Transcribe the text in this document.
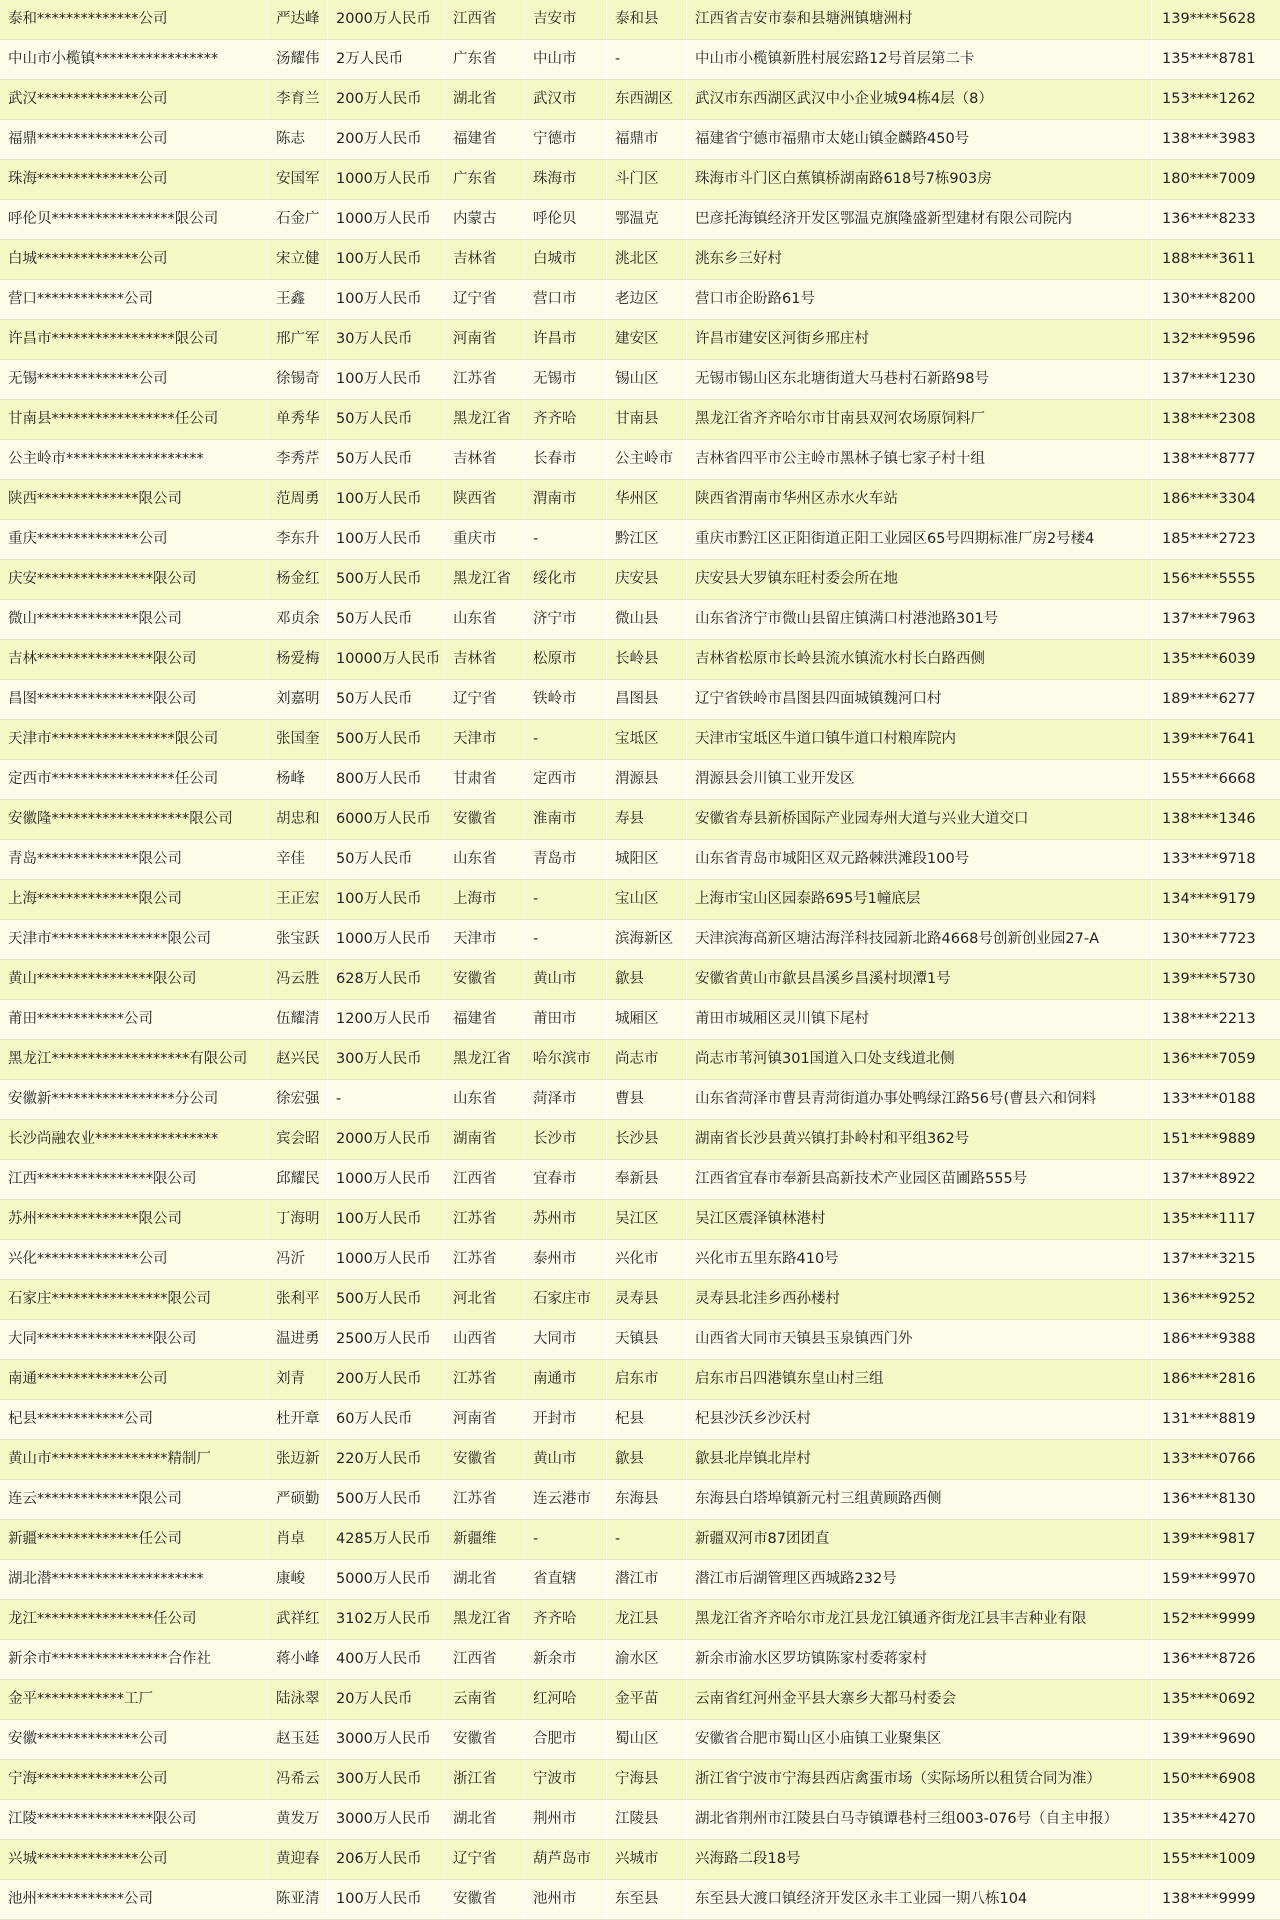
泰和**************公司	严达峰	2000万人民币	江西省	吉安市	泰和县	江西省吉安市泰和县塘洲镇塘洲村	139****5628
中山市小榄镇*****************	汤耀伟	2万人民币	广东省	中山市	-	中山市小榄镇新胜村展宏路12号首层第二卡	135****8781
武汉**************公司	李育兰	200万人民币	湖北省	武汉市	东西湖区	武汉市东西湖区武汉中小企业城94栋4层（8）	153****1262
福鼎**************公司	陈志	200万人民币	福建省	宁德市	福鼎市	福建省宁德市福鼎市太姥山镇金麟路450号	138****3983
珠海**************公司	安国军	1000万人民币	广东省	珠海市	斗门区	珠海市斗门区白蕉镇桥湖南路618号7栋903房	180****7009
呼伦贝*****************限公司	石金广	1000万人民币	内蒙古	呼伦贝	鄂温克	巴彦托海镇经济开发区鄂温克旗隆盛新型建材有限公司院内	136****8233
白城**************公司	宋立健	100万人民币	吉林省	白城市	洮北区	洮东乡三好村	188****3611
营口************公司	王鑫	100万人民币	辽宁省	营口市	老边区	营口市企盼路61号	130****8200
许昌市*****************限公司	邢广军	30万人民币	河南省	许昌市	建安区	许昌市建安区河街乡邢庄村	132****9596
无锡**************公司	徐锡奇	100万人民币	江苏省	无锡市	锡山区	无锡市锡山区东北塘街道大马巷村石新路98号	137****1230
甘南县*****************任公司	单秀华	50万人民币	黑龙江省	齐齐哈	甘南县	黑龙江省齐齐哈尔市甘南县双河农场原饲料厂	138****2308
公主岭市*******************	李秀芹	50万人民币	吉林省	长春市	公主岭市	吉林省四平市公主岭市黑林子镇七家子村十组	138****8777
陕西**************限公司	范周勇	100万人民币	陕西省	渭南市	华州区	陕西省渭南市华州区赤水火车站	186****3304
重庆**************公司	李东升	100万人民币	重庆市	-	黔江区	重庆市黔江区正阳街道正阳工业园区65号四期标准厂房2号楼4	185****2723
庆安****************限公司	杨金红	500万人民币	黑龙江省	绥化市	庆安县	庆安县大罗镇东旺村委会所在地	156****5555
微山**************限公司	邓贞余	50万人民币	山东省	济宁市	微山县	山东省济宁市微山县留庄镇满口村港池路301号	137****7963
吉林****************限公司	杨爱梅	10000万人民币 吉林省	松原市	长岭县	吉林省松原市长岭县流水镇流水村长白路西侧	135****6039
昌图****************限公司	刘嘉明	50万人民币	辽宁省	铁岭市	昌图县	辽宁省铁岭市昌图县四面城镇魏河口村	189****6277
天津市*****************限公司	张国奎	500万人民币	天津市	-	宝坻区	天津市宝坻区牛道口镇牛道口村粮库院内	139****7641
定西市*****************任公司	杨峰	800万人民币	甘肃省	定西市	渭源县	渭源县会川镇工业开发区	155****6668
安徽隆*******************限公司	胡忠和	6000万人民币	安徽省	淮南市	寿县	安徽省寿县新桥国际产业园寿州大道与兴业大道交口	138****1346
青岛**************限公司	辛佳	50万人民币	山东省	青岛市	城阳区	山东省青岛市城阳区双元路棘洪滩段100号	133****9718
上海**************限公司	王正宏	100万人民币	上海市	-	宝山区	上海市宝山区园泰路695号1幢底层	134****9179
天津市****************限公司	张宝跃	1000万人民币	天津市	-	滨海新区	天津滨海高新区塘沽海洋科技园新北路4668号创新创业园27-A	130****7723
黄山****************限公司	冯云胜	628万人民币	安徽省	黄山市	歙县	安徽省黄山市歙县昌溪乡昌溪村坝潭1号	139****5730
莆田************公司	伍耀清	1200万人民币	福建省	莆田市	城厢区	莆田市城厢区灵川镇下尾村	138****2213
黑龙江*******************有限公司	赵兴民	300万人民币	黑龙江省	哈尔滨市	尚志市	尚志市苇河镇301国道入口处支线道北侧	136****7059
安徽新*****************分公司	徐宏强	-	山东省	菏泽市	曹县	山东省菏泽市曹县青菏街道办事处鸭绿江路56号(曹县六和饲料	133****0188
长沙尚融农业*****************	宾会昭	2000万人民币	湖南省	长沙市	长沙县	湖南省长沙县黄兴镇打卦岭村和平组362号	151****9889
江西****************限公司	邱耀民	1000万人民币	江西省	宜春市	奉新县	江西省宜春市奉新县高新技术产业园区苗圃路555号	137****8922
苏州**************限公司	丁海明	100万人民币	江苏省	苏州市	吴江区	吴江区震泽镇林港村	135****1117
兴化**************公司	冯沂	1000万人民币	江苏省	泰州市	兴化市	兴化市五里东路410号	137****3215
石家庄****************限公司	张利平	500万人民币	河北省	石家庄市	灵寿县	灵寿县北洼乡西孙楼村	136****9252
大同****************限公司	温进勇	2500万人民币	山西省	大同市	天镇县	山西省大同市天镇县玉泉镇西门外	186****9388
南通**************公司	刘青	200万人民币	江苏省	南通市	启东市	启东市吕四港镇东皇山村三组	186****2816
杞县************公司	杜开章	60万人民币	河南省	开封市	杞县	杞县沙沃乡沙沃村	131****8819
黄山市****************精制厂	张迈新	220万人民币	安徽省	黄山市	歙县	歙县北岸镇北岸村	133****0766
连云**************限公司	严硕勤	500万人民币	江苏省	连云港市	东海县	东海县白塔埠镇新元村三组黄顾路西侧	136****8130
新疆**************任公司	肖卓	4285万人民币	新疆维	-	-	新疆双河市87团团直	139****9817
湖北潜*********************	康峻	5000万人民币	湖北省	省直辖	潜江市	潜江市后湖管理区西城路232号	159****9970
龙江****************任公司	武祥红	3102万人民币	黑龙江省	齐齐哈	龙江县	黑龙江省齐齐哈尔市龙江县龙江镇通齐街龙江县丰吉种业有限	152****9999
新余市****************合作社	蒋小峰	400万人民币	江西省	新余市	渝水区	新余市渝水区罗坊镇陈家村委蒋家村	136****8726
金平************工厂	陆泳翠	20万人民币	云南省	红河哈	金平苗	云南省红河州金平县大寨乡大都马村委会	135****0692
安徽**************公司	赵玉廷	3000万人民币	安徽省	合肥市	蜀山区	安徽省合肥市蜀山区小庙镇工业聚集区	139****9690
宁海**************公司	冯希云	300万人民币	浙江省	宁波市	宁海县	浙江省宁波市宁海县西店禽蛋市场（实际场所以租赁合同为准）	150****6908
江陵****************限公司	黄发万	3000万人民币	湖北省	荆州市	江陵县	湖北省荆州市江陵县白马寺镇谭巷村三组003-076号（自主申报）	135****4270
兴城**************公司	黄迎春	206万人民币	辽宁省	葫芦岛市	兴城市	兴海路二段18号	155****1009
池州************公司	陈亚清	100万人民币	安徽省	池州市	东至县	东至县大渡口镇经济开发区永丰工业园一期八栋104	138****9999
